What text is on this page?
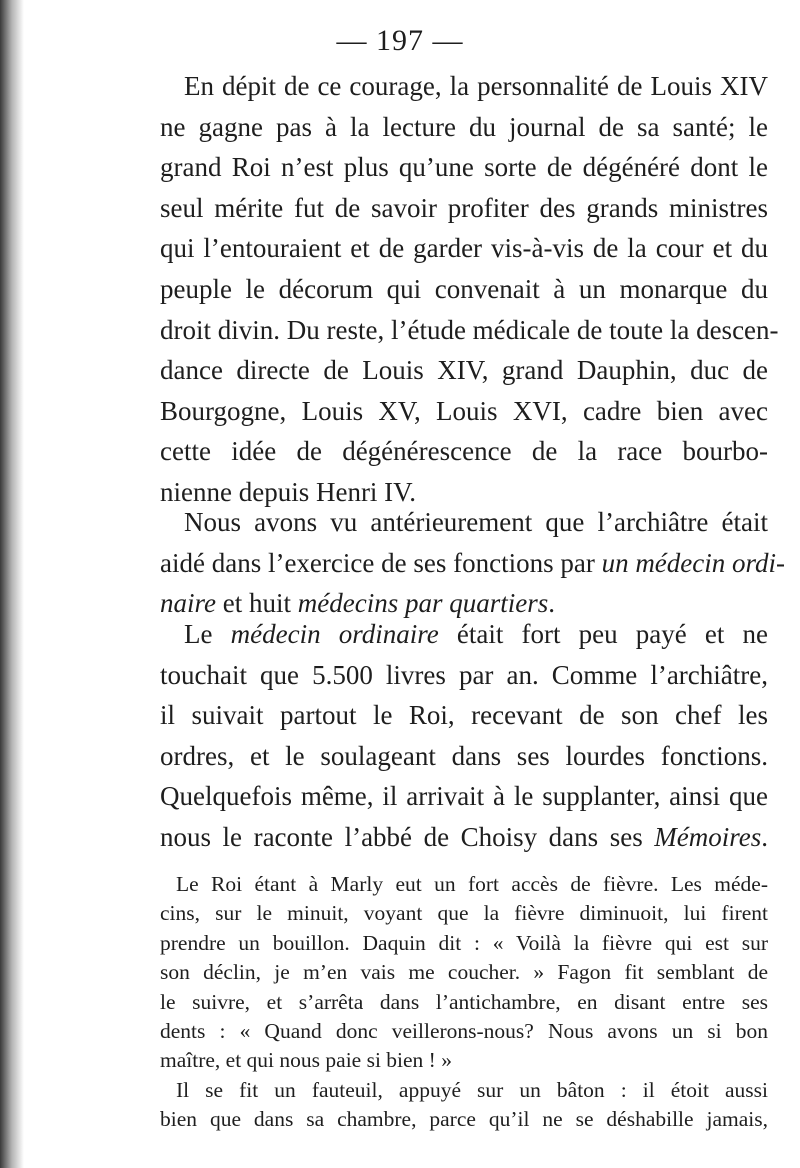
— 197 —

En dépit de ce courage, la personnalité de Louis XIV
ne gagne pas à la lecture du journal de sa santé; le
grand Roi n’est plus qu’une sorte de dégénéré dont le
seul mérite fut de savoir profiter des grands ministres
qui l’entouraient et de garder vis-à-vis de la cour et du
peuple le décorum qui convenait à un monarque du
droit divin. Du reste, l’étude médicale de toute la descen-
dance directe de Louis XIV, grand Dauphin, duc de
Bourgogne, Louis XV, Louis XVI, cadre bien avec
cette idée de dégénérescence de la race bourbo-
nienne depuis Henri IV.

Nous avons vu antérieurement que l’archiâtre était
aidé dans l’exercice de ses fonctions par un médecin ordi-
naire et huit médecins par quartiers.

Le médecin ordinaire était fort peu payé et ne
touchait que 5.500 livres par an. Comme l’archiâtre,
il suivait partout le Roi, recevant de son chef les
ordres, et le soulageant dans ses lourdes fonctions.
Quelquefois même, il arrivait à le supplanter, ainsi que
nous le raconte l’abbé de Choisy dans ses Mémoires.

Le Roi étant à Marly eut un fort accès de fièvre. Les méde-
cins, sur le minuit, voyant que la fièvre diminuoit, lui firent
prendre un bouillon. Daquin dit : « Voilà la fièvre qui est sur
son déclin, je m’en vais me coucher. » Fagon fit semblant de
le suivre, et s’arrêta dans l’antichambre, en disant entre ses
dents : « Quand donc veillerons-nous? Nous avons un si bon
maître, et qui nous paie si bien ! »
Il se fit un fauteuil, appuyé sur un bâton : il étoit aussi
bien que dans sa chambre, parce qu’il ne se déshabille jamais,
